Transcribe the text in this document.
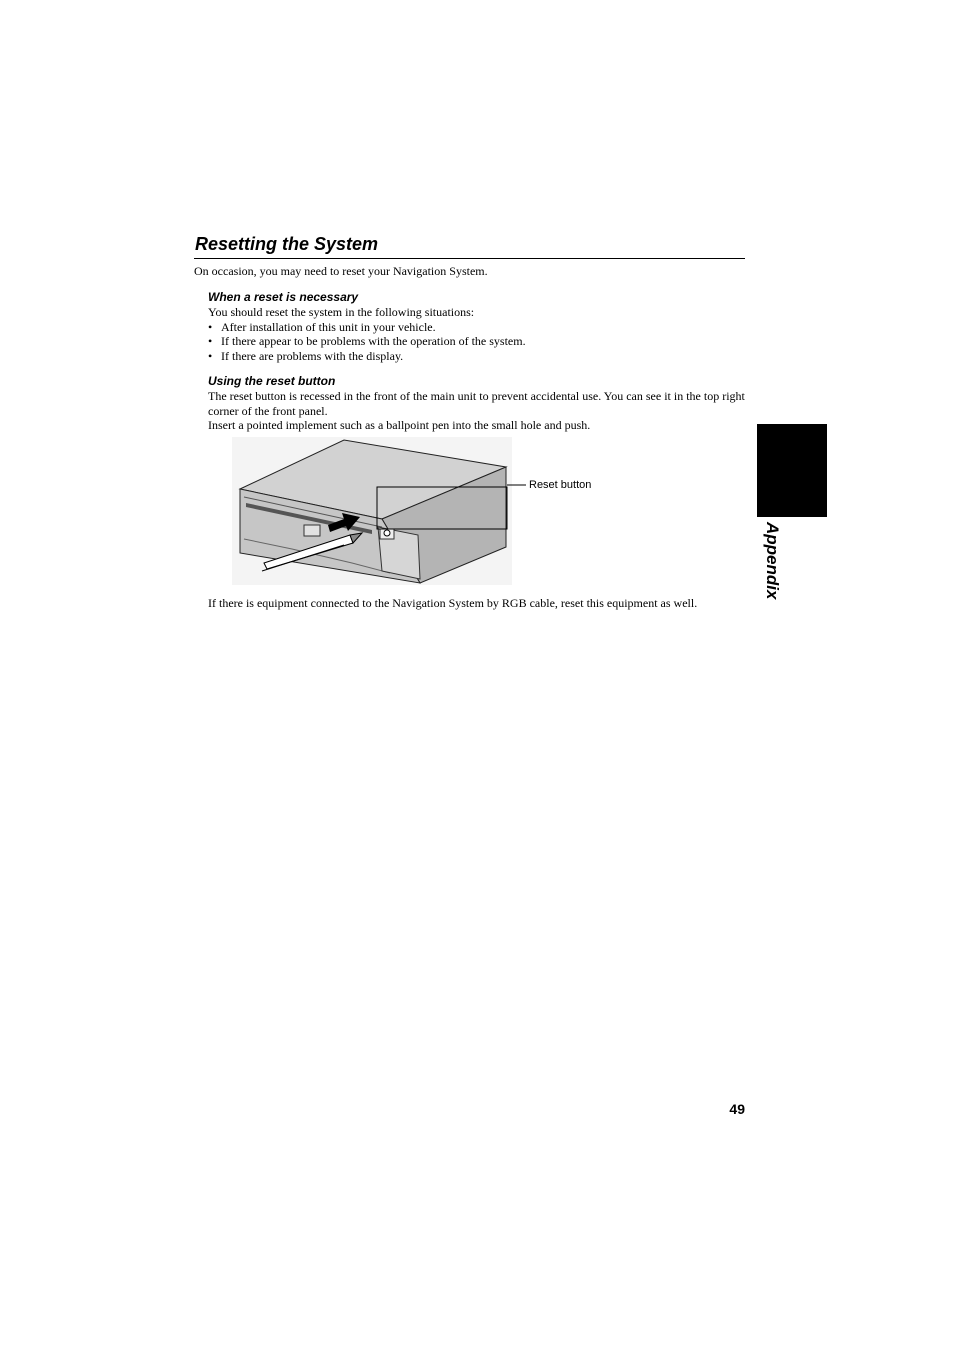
Resetting the System
On occasion, you may need to reset your Navigation System.
When a reset is necessary

You should reset the system in the following situations:

• After installation of this unit in your vehicle.
• If there appear to be problems with the operation of the system.
• If there are problems with the display.
Using the reset button

The reset button is recessed in the front of the main unit to prevent accidental use. You can see it in the top right corner of the front panel.

Insert a pointed implement such as a ballpoint pen into the small hole and push.

Reset button
If there is equipment connected to the Navigation System by RGB cable, reset this equipment as well.
Appendix
49
